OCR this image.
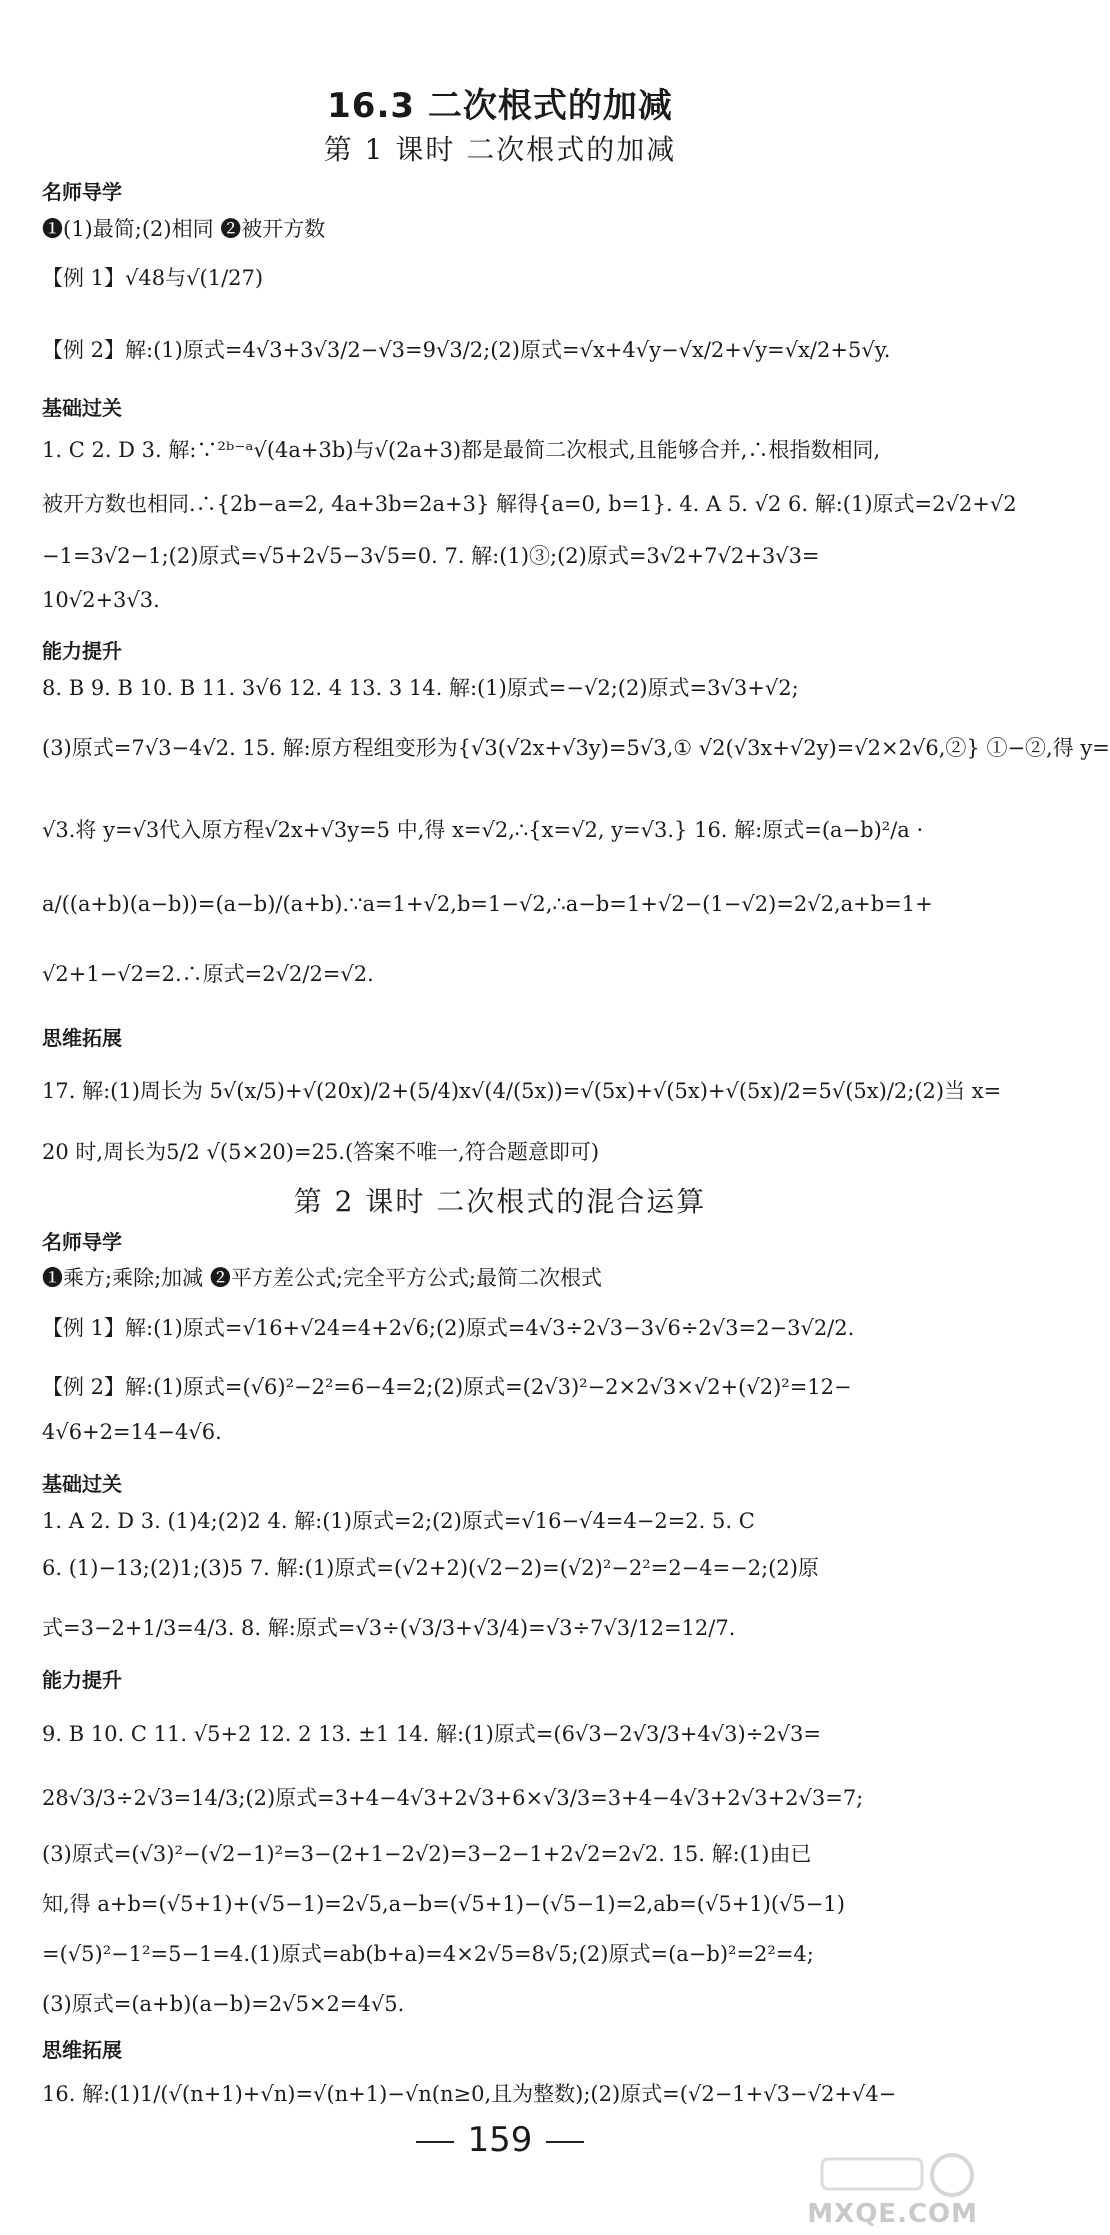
16.3 二次根式的加减
第 1 课时 二次根式的加减
名师导学
❶(1)最简;(2)相同 ❷被开方数
【例 1】√48与√(1/27)
【例 2】解:(1)原式=4√3+3√3/2−√3=9√3/2;(2)原式=√x+4√y−√x/2+√y=√x/2+5√y.
基础过关
1. C 2. D 3. 解:∵²ᵇ⁻ᵃ√(4a+3b)与√(2a+3)都是最简二次根式,且能够合并,∴根指数相同,
被开方数也相同.∴{2b−a=2, 4a+3b=2a+3} 解得{a=0, b=1}. 4. A 5. √2 6. 解:(1)原式=2√2+√2
−1=3√2−1;(2)原式=√5+2√5−3√5=0. 7. 解:(1)③;(2)原式=3√2+7√2+3√3=
10√2+3√3.
能力提升
8. B 9. B 10. B 11. 3√6 12. 4 13. 3 14. 解:(1)原式=−√2;(2)原式=3√3+√2;
(3)原式=7√3−4√2. 15. 解:原方程组变形为{√3(√2x+√3y)=5√3,① √2(√3x+√2y)=√2×2√6,②} ①−②,得 y=
√3.将 y=√3代入原方程√2x+√3y=5 中,得 x=√2,∴{x=√2, y=√3.} 16. 解:原式=(a−b)²/a ·
a/((a+b)(a−b))=(a−b)/(a+b).∵a=1+√2,b=1−√2,∴a−b=1+√2−(1−√2)=2√2,a+b=1+
√2+1−√2=2.∴原式=2√2/2=√2.
思维拓展
17. 解:(1)周长为 5√(x/5)+√(20x)/2+(5/4)x√(4/(5x))=√(5x)+√(5x)+√(5x)/2=5√(5x)/2;(2)当 x=
20 时,周长为5/2 √(5×20)=25.(答案不唯一,符合题意即可)
第 2 课时 二次根式的混合运算
名师导学
❶乘方;乘除;加减 ❷平方差公式;完全平方公式;最简二次根式
【例 1】解:(1)原式=√16+√24=4+2√6;(2)原式=4√3÷2√3−3√6÷2√3=2−3√2/2.
【例 2】解:(1)原式=(√6)²−2²=6−4=2;(2)原式=(2√3)²−2×2√3×√2+(√2)²=12−
4√6+2=14−4√6.
基础过关
1. A 2. D 3. (1)4;(2)2 4. 解:(1)原式=2;(2)原式=√16−√4=4−2=2. 5. C
6. (1)−13;(2)1;(3)5 7. 解:(1)原式=(√2+2)(√2−2)=(√2)²−2²=2−4=−2;(2)原
式=3−2+1/3=4/3. 8. 解:原式=√3÷(√3/3+√3/4)=√3÷7√3/12=12/7.
能力提升
9. B 10. C 11. √5+2 12. 2 13. ±1 14. 解:(1)原式=(6√3−2√3/3+4√3)÷2√3=
28√3/3÷2√3=14/3;(2)原式=3+4−4√3+2√3+6×√3/3=3+4−4√3+2√3+2√3=7;
(3)原式=(√3)²−(√2−1)²=3−(2+1−2√2)=3−2−1+2√2=2√2. 15. 解:(1)由已
知,得 a+b=(√5+1)+(√5−1)=2√5,a−b=(√5+1)−(√5−1)=2,ab=(√5+1)(√5−1)
=(√5)²−1²=5−1=4.(1)原式=ab(b+a)=4×2√5=8√5;(2)原式=(a−b)²=2²=4;
(3)原式=(a+b)(a−b)=2√5×2=4√5.
思维拓展
16. 解:(1)1/(√(n+1)+√n)=√(n+1)−√n(n≥0,且为整数);(2)原式=(√2−1+√3−√2+√4−
159
MXQE.COM
